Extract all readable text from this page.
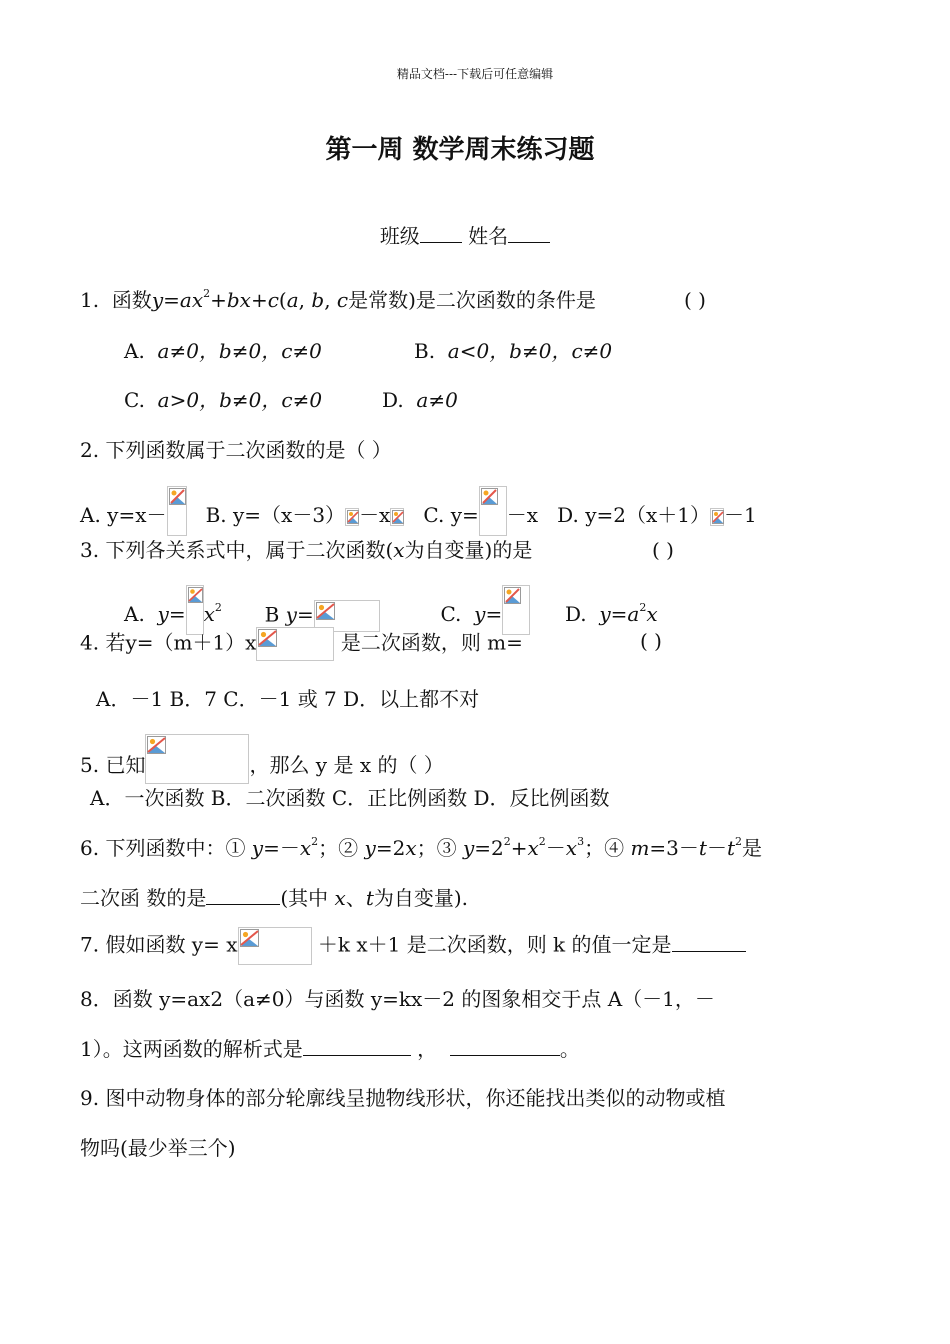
精品文档---下载后可任意编辑
第一周 数学周末练习题
班级 姓名
1. 函数$y=ax^2+bx+c(a$, b, c是常数)是二次函数的条件是	( )
A. a≠0，b≠0，c≠0	B. a<0，b≠0，c≠0
C. a>0，b≠0，c≠0	D. a≠0
2. 下列函数属于二次函数的是（ ）
A. y=x－ B. y=（x－3） －x C. y= －x D. y=2（x＋1） －1
3. 下列各关系式中，属于二次函数(x为自变量)的是	( )
A. $y= x^2$ B y=	C. y=	D. $y=a^2x$
4. 若y=（m＋1）x	是二次函数，则 m=	( )
A．－1 B．7 C．－1 或 7 D．以上都不对
5. 已知	，那么 y 是 x 的（ ）
A．一次函数 B．二次函数 C．正比例函数 D．反比例函数
6. 下列函数中：① $y=-x^2$；② y=2x；③ $y=2^2+x^2-x^3$；④ $m=3-t-t^2$是
二次函 数的是	(其中 x、t为自变量).
7. 假如函数 y= x	＋k x＋1 是二次函数，则 k 的值一定是
8．函数 y=ax2（a≠0）与函数 y=kx－2 的图象相交于点 A（－1，－
1）。这两函数的解析式是	，	。
9. 图中动物身体的部分轮廓线呈抛物线形状，你还能找出类似的动物或植
物吗(最少举三个)
